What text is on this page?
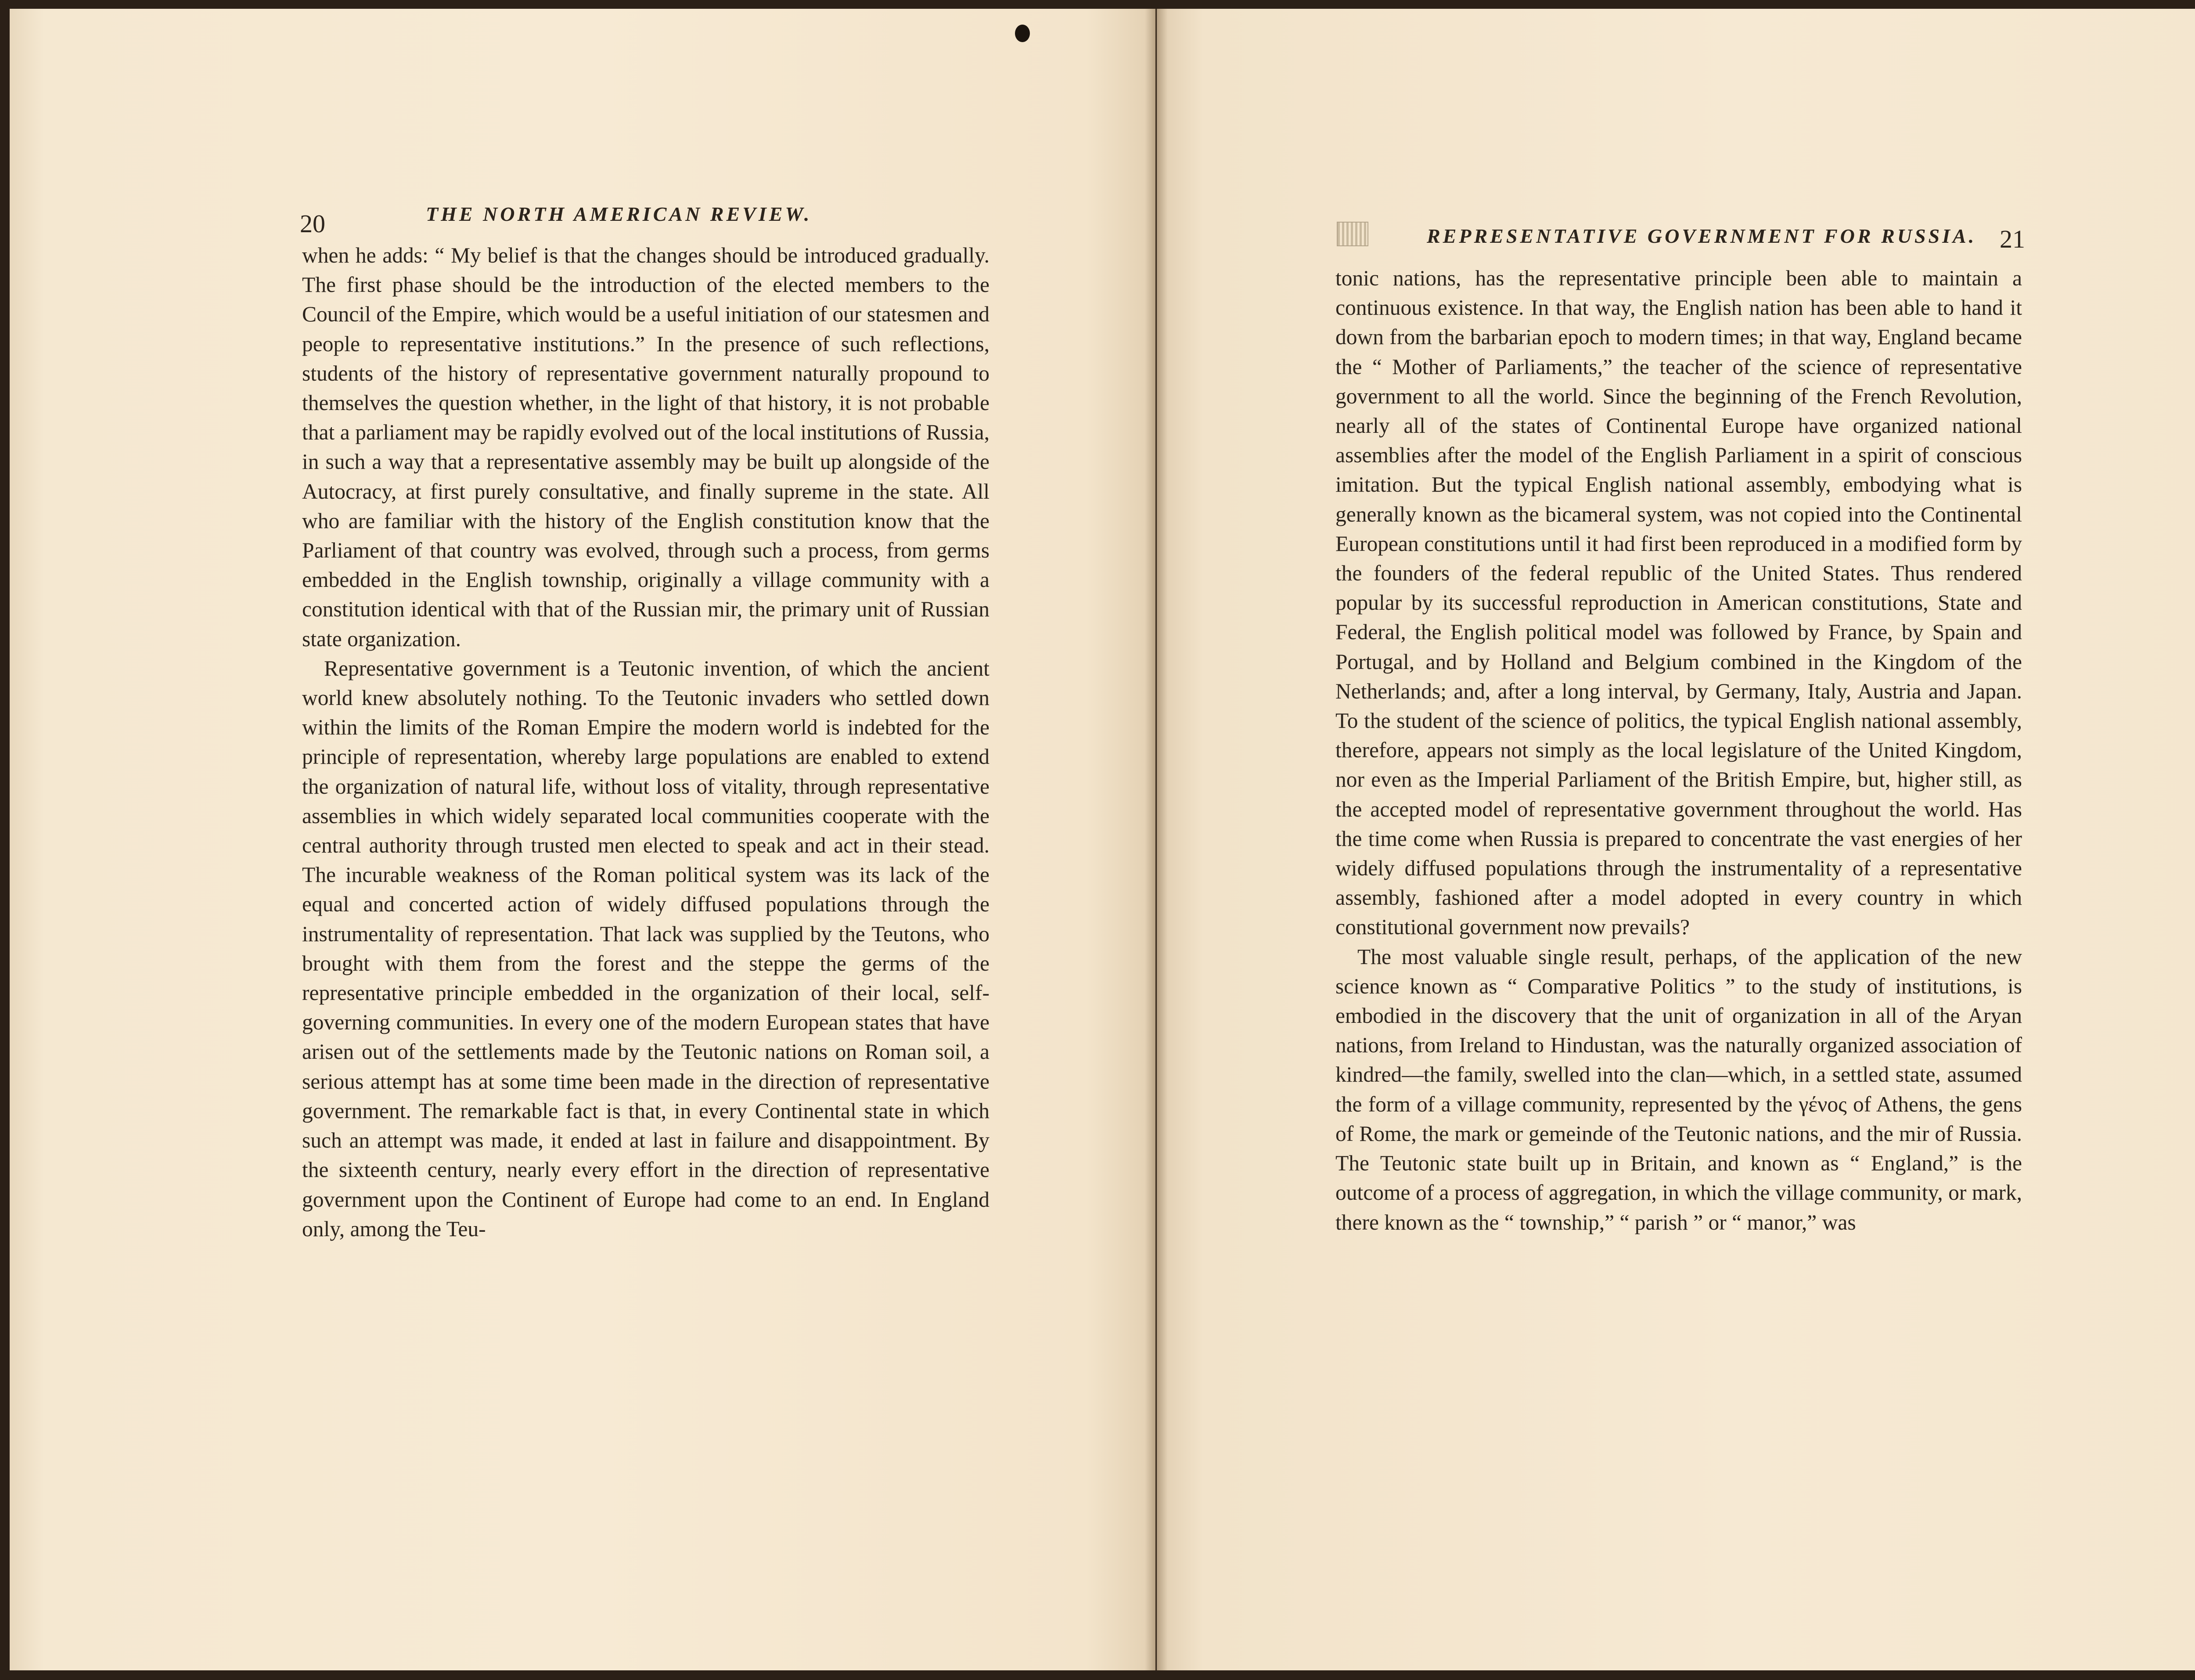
20	THE NORTH AMERICAN REVIEW.

when he adds: “ My belief is that the changes should be introduced gradually. The first phase should be the introduction of the elected members to the Council of the Empire, which would be a useful initiation of our statesmen and people to representative institutions.” In the presence of such reflections, students of the history of representative government naturally propound to themselves the question whether, in the light of that history, it is not probable that a parliament may be rapidly evolved out of the local institutions of Russia, in such a way that a representative assembly may be built up alongside of the Autocracy, at first purely consultative, and finally supreme in the state. All who are familiar with the history of the English constitution know that the Parliament of that country was evolved, through such a process, from germs embedded in the English township, originally a village community with a constitution identical with that of the Russian mir, the primary unit of Russian state organization.

Representative government is a Teutonic invention, of which the ancient world knew absolutely nothing. To the Teutonic invaders who settled down within the limits of the Roman Empire the modern world is indebted for the principle of representation, whereby large populations are enabled to extend the organization of natural life, without loss of vitality, through representative assemblies in which widely separated local communities cooperate with the central authority through trusted men elected to speak and act in their stead. The incurable weakness of the Roman political system was its lack of the equal and concerted action of widely diffused populations through the instrumentality of representation. That lack was supplied by the Teutons, who brought with them from the forest and the steppe the germs of the representative principle embedded in the organization of their local, self-governing communities. In every one of the modern European states that have arisen out of the settlements made by the Teutonic nations on Roman soil, a serious attempt has at some time been made in the direction of representative government. The remarkable fact is that, in every Continental state in which such an attempt was made, it ended at last in failure and disappointment. By the sixteenth century, nearly every effort in the direction of representative government upon the Continent of Europe had come to an end. In England only, among the Teu-

REPRESENTATIVE GOVERNMENT FOR RUSSIA. 21

tonic nations, has the representative principle been able to maintain a continuous existence. In that way, the English nation has been able to hand it down from the barbarian epoch to modern times; in that way, England became the “ Mother of Parliaments,” the teacher of the science of representative government to all the world. Since the beginning of the French Revolution, nearly all of the states of Continental Europe have organized national assemblies after the model of the English Parliament in a spirit of conscious imitation. But the typical English national assembly, embodying what is generally known as the bicameral system, was not copied into the Continental European constitutions until it had first been reproduced in a modified form by the founders of the federal republic of the United States. Thus rendered popular by its successful reproduction in American constitutions, State and Federal, the English political model was followed by France, by Spain and Portugal, and by Holland and Belgium combined in the Kingdom of the Netherlands; and, after a long interval, by Germany, Italy, Austria and Japan. To the student of the science of politics, the typical English national assembly, therefore, appears not simply as the local legislature of the United Kingdom, nor even as the Imperial Parliament of the British Empire, but, higher still, as the accepted model of representative government throughout the world. Has the time come when Russia is prepared to concentrate the vast energies of her widely diffused populations through the instrumentality of a representative assembly, fashioned after a model adopted in every country in which constitutional government now prevails?

The most valuable single result, perhaps, of the application of the new science known as “ Comparative Politics ” to the study of institutions, is embodied in the discovery that the unit of organization in all of the Aryan nations, from Ireland to Hindustan, was the naturally organized association of kindred—the family, swelled into the clan—which, in a settled state, assumed the form of a village community, represented by the γένος of Athens, the gens of Rome, the mark or gemeinde of the Teutonic nations, and the mir of Russia. The Teutonic state built up in Britain, and known as “ England,” is the outcome of a process of aggregation, in which the village community, or mark, there known as the “ township,” “ parish ” or “ manor,” was
